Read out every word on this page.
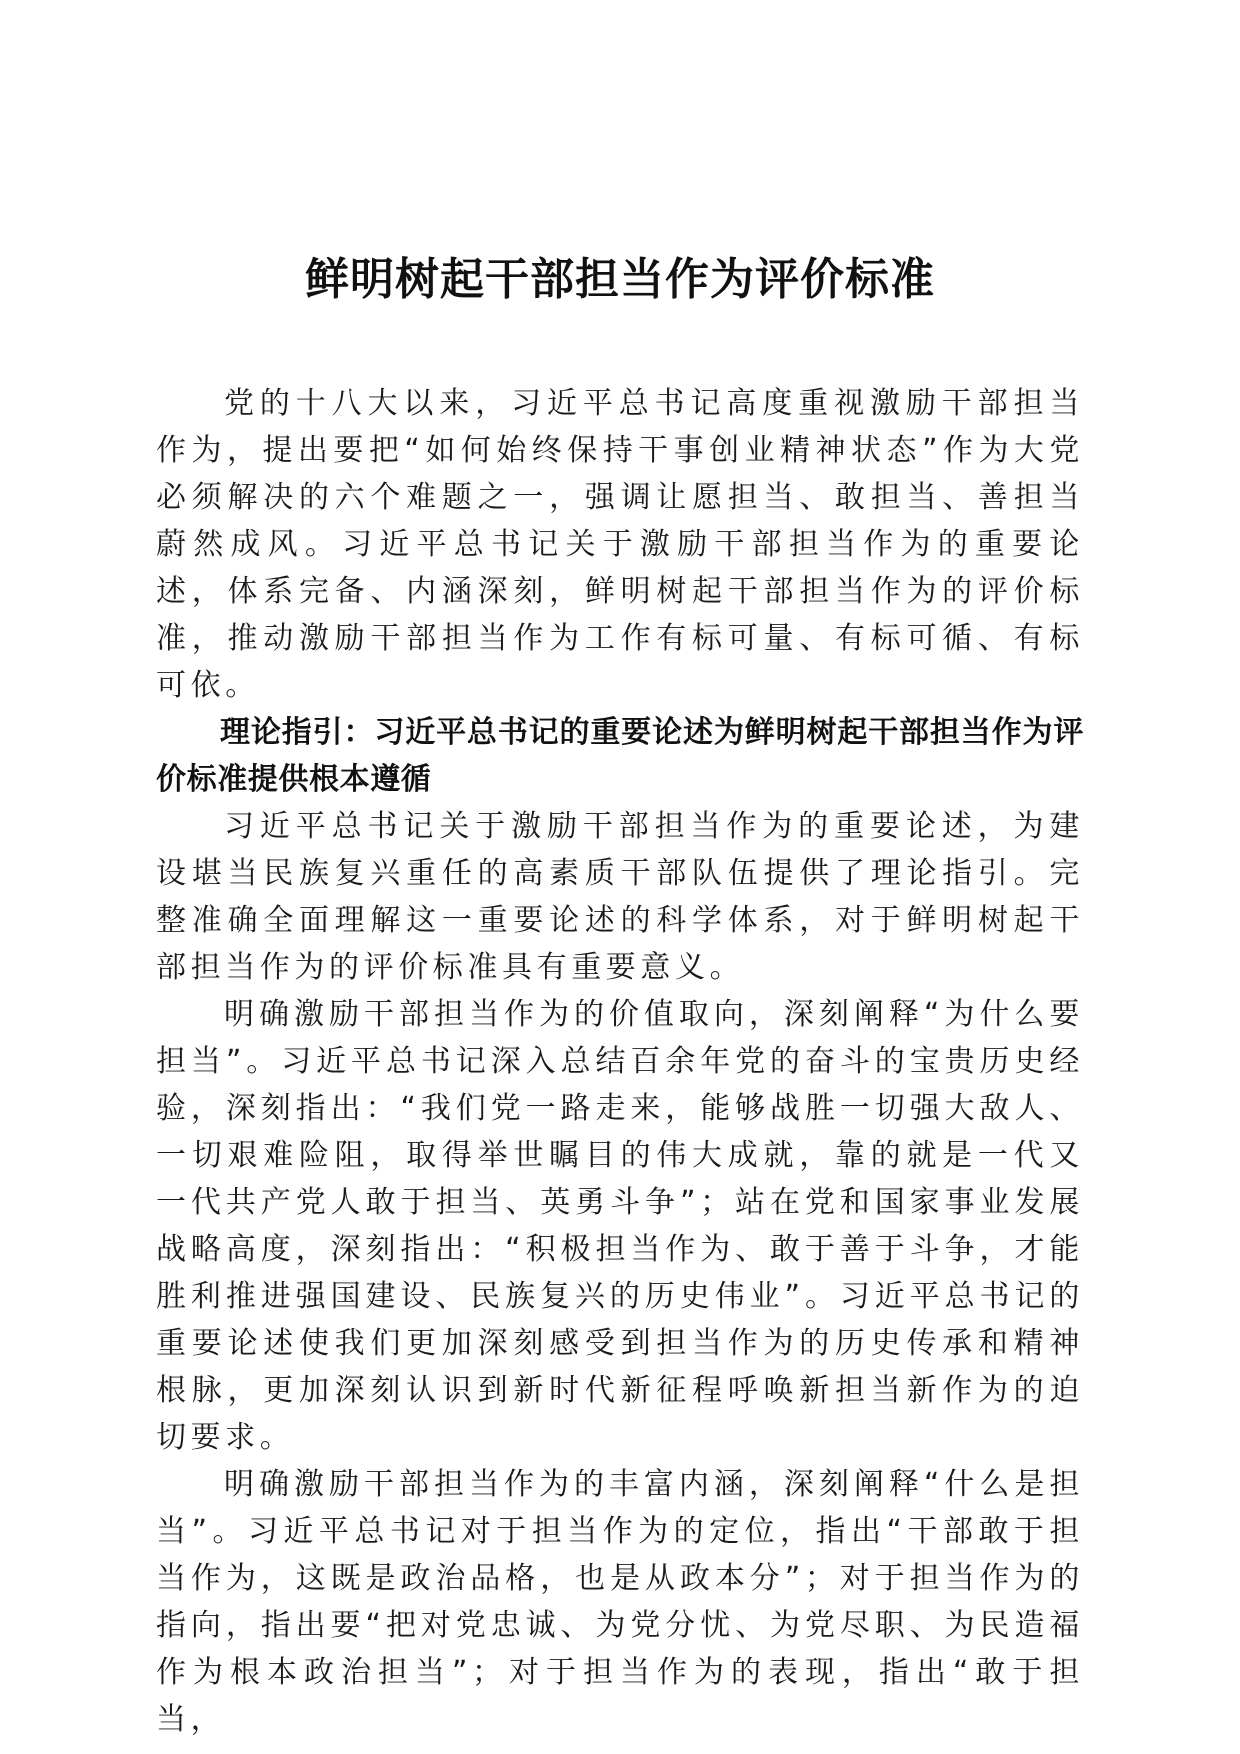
鲜明树起干部担当作为评价标准

党的十八大以来，习近平总书记高度重视激励干部担当作为，提出要把“如何始终保持干事创业精神状态”作为大党必须解决的六个难题之一，强调让愿担当、敢担当、善担当蔚然成风。习近平总书记关于激励干部担当作为的重要论述，体系完备、内涵深刻，鲜明树起干部担当作为的评价标准，推动激励干部担当作为工作有标可量、有标可循、有标可依。

理论指引：习近平总书记的重要论述为鲜明树起干部担当作为评价标准提供根本遵循

习近平总书记关于激励干部担当作为的重要论述，为建设堪当民族复兴重任的高素质干部队伍提供了理论指引。完整准确全面理解这一重要论述的科学体系，对于鲜明树起干部担当作为的评价标准具有重要意义。

明确激励干部担当作为的价值取向，深刻阐释“为什么要担当”。习近平总书记深入总结百余年党的奋斗的宝贵历史经验，深刻指出：“我们党一路走来，能够战胜一切强大敌人、一切艰难险阻，取得举世瞩目的伟大成就，靠的就是一代又一代共产党人敢于担当、英勇斗争”；站在党和国家事业发展战略高度，深刻指出：“积极担当作为、敢于善于斗争，才能胜利推进强国建设、民族复兴的历史伟业”。习近平总书记的重要论述使我们更加深刻感受到担当作为的历史传承和精神根脉，更加深刻认识到新时代新征程呼唤新担当新作为的迫切要求。

明确激励干部担当作为的丰富内涵，深刻阐释“什么是担当”。习近平总书记对于担当作为的定位，指出“干部敢于担当作为，这既是政治品格，也是从政本分”；对于担当作为的指向，指出要“把对党忠诚、为党分忧、为党尽职、为民造福作为根本政治担当”；对于担当作为的表现，指出“敢于担当，
